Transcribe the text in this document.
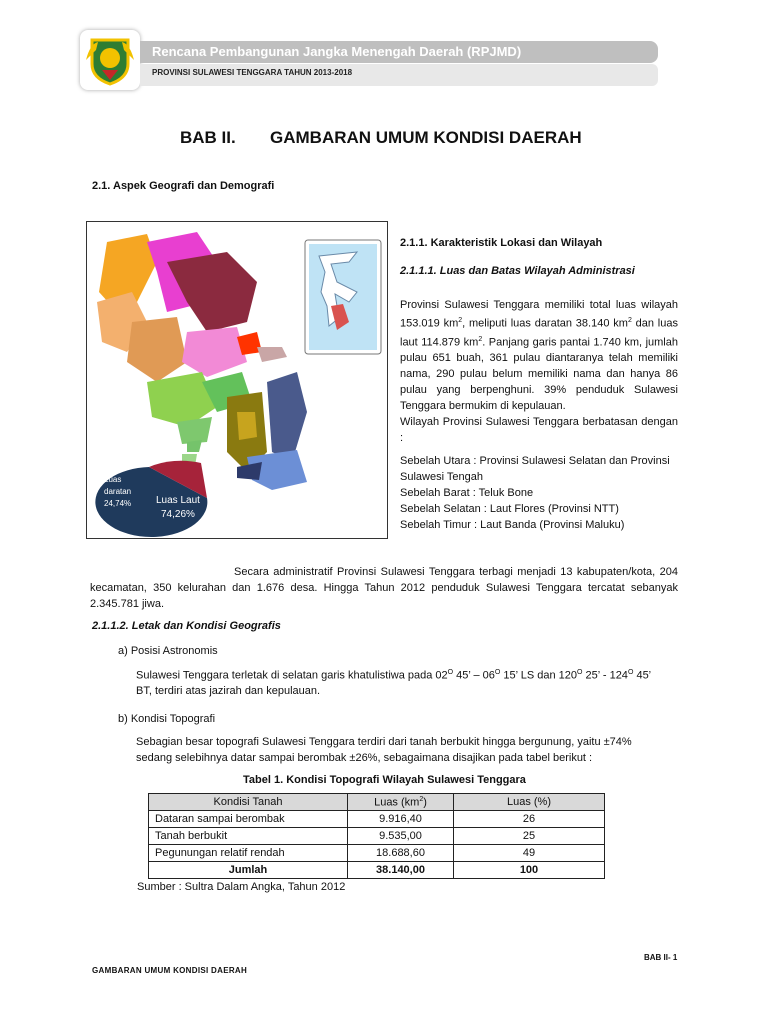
Rencana Pembangunan Jangka Menengah Daerah (RPJMD)
PROVINSI SULAWESI TENGGARA TAHUN 2013-2018
BAB II. GAMBARAN UMUM KONDISI DAERAH
2.1. Aspek Geografi dan Demografi
Luas daratan
24,74%	Luas Laut
74,26%
2.1.1. Karakteristik Lokasi dan Wilayah
2.1.1.1. Luas dan Batas Wilayah Administrasi
Provinsi Sulawesi Tenggara memiliki total luas wilayah 153.019 $km^2$, meliputi luas daratan 38.140 $km^2$ dan luas laut 114.879 $km^2$. Panjang garis pantai 1.740 km, jumlah pulau 651 buah, 361 pulau diantaranya telah memiliki nama, 290 pulau belum memiliki nama dan hanya 86 pulau yang berpenghuni. 39% penduduk Sulawesi Tenggara bermukim di kepulauan.
Wilayah Provinsi Sulawesi Tenggara berbatasan dengan :
Sebelah Utara : Provinsi Sulawesi Selatan dan Provinsi Sulawesi Tengah
Sebelah Barat : Teluk Bone
Sebelah Selatan : Laut Flores (Provinsi NTT)
Sebelah Timur : Laut Banda (Provinsi Maluku)
Secara administratif Provinsi Sulawesi Tenggara terbagi menjadi 13 kabupaten/kota, 204 kecamatan, 350 kelurahan dan 1.676 desa. Hingga Tahun 2012 penduduk Sulawesi Tenggara tercatat sebanyak 2.345.781 jiwa.
2.1.1.2. Letak dan Kondisi Geografis
a) Posisi Astronomis
Sulawesi Tenggara terletak di selatan garis khatulistiwa pada $02^O$ 45’ – $06^O$ 15’ LS dan $120^O$ 25’ - $124^O$ 45’
BT, terdiri atas jazirah dan kepulauan.
b) Kondisi Topografi
Sebagian besar topografi Sulawesi Tenggara terdiri dari tanah berbukit hingga bergunung, yaitu ±74% sedang selebihnya datar sampai berombak ±26%, sebagaimana disajikan pada tabel berikut :
Tabel 1. Kondisi Topografi Wilayah Sulawesi Tenggara
Kondisi Tanah	Luas $(km^2)$	Luas (%)
Dataran sampai berombak	9.916,40	26
Tanah berbukit	9.535,00	25
Pegunungan relatif rendah	18.688,60	49
Jumlah	38.140,00	100
Sumber : Sultra Dalam Angka, Tahun 2012
BAB II- 1
GAMBARAN UMUM KONDISI DAERAH
